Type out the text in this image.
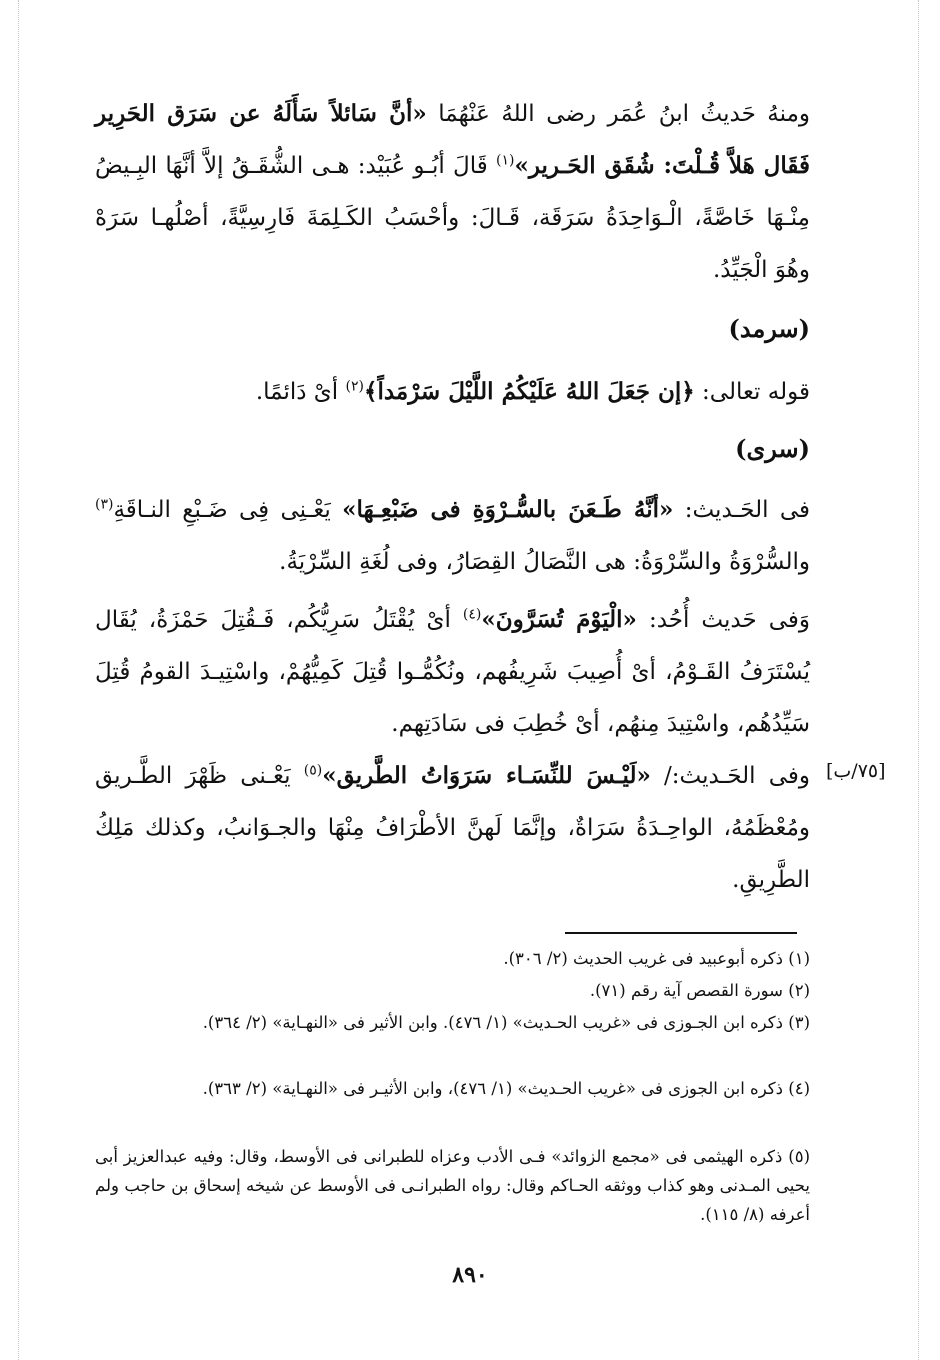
ومنهُ حَديثُ ابنُ عُمَر رضى اللهُ عَنْهُمَا «أنَّ سَائلاً سَأَلَهُ عن سَرَق الحَرِير فَقَال هَلاَّ قُـلْتَ: شُقَق الحَـرير»$^{(١)}$ قَالَ أبُـو عُبَيْد: هـى الشُّقَـقُ إلاَّ أنَّهَا البِـيضُ مِنْـهَا خَاصَّةً، الْـوَاحِدَةُ سَرَقَة، قَـالَ: وأحْسَبُ الكَـلِمَةَ فَارِسِيَّةً، أصْلُهـا سَرَهْ وهُوَ الْجَيِّدُ.

(سرمد)

قوله تعالى: ﴿إن جَعَلَ اللهُ عَلَيْكُمُ اللَّيْلَ سَرْمَداً﴾$^{(٢)}$ أىْ دَائمًا.

(سرى)

فى الحَـديث: «أنَّهُ طَـعَنَ بالسُّـرْوَةِ فى ضَبْعِـهَا» يَعْـنِى فِى ضَـبْعِ النـاقَةِ$^{(٣)}$ والسُّرْوَةُ والسِّرْوَةُ: هى النَّصَالُ القِصَارُ، وفى لُغَةِ السِّرْيَةُ.

وَفى حَديث أُحُد: «الْيَوْمَ تُسَرَّونَ»$^{(٤)}$ أىْ يُقْتَلُ سَرِيُّكُم، فَـقُتِلَ حَمْزَةُ، يُقَال يُسْتَرَفُ القَـوْمُ، أىْ أُصِيبَ شَرِيفُهم، ونُكُمُّـوا قُتِلَ كَمِيُّهُمْ، واسْتِيـدَ القومُ قُتِلَ سَيِّدُهُم، واسْتِيدَ مِنهُم، أىْ خُطِبَ فى سَادَتِهم.

وفى الحَـديث:/ «لَيْـسَ للنِّسَـاء سَرَوَاتُ الطَّريق»$^{(٥)}$ يَعْـنى ظَهْرَ الطَّـريق ومُعْظَمُهُ، الواحِـدَةُ سَرَاةٌ، وإنَّمَا لَهنَّ الأطْرَافُ مِنْهَا والجـوَانبُ، وكذلك مَلِكُ الطَّرِيقِ.

[٧٥/ب]

(١) ذكره أبوعبيد فى غريب الحديث (٢/ ٣٠٦).

(٢) سورة القصص آية رقم (٧١).

(٣) ذكره ابن الجـوزى فى «غريب الحـديث» (١/ ٤٧٦). وابن الأثير فى «النهـاية» (٢/ ٣٦٤).

(٤) ذكره ابن الجوزى فى «غريب الحـديث» (١/ ٤٧٦)، وابن الأثيـر فى «النهـاية» (٢/ ٣٦٣).

(٥) ذكره الهيثمى فى «مجمع الزوائد» فـى الأدب وعزاه للطبرانى فى الأوسط، وقال: وفيه عبدالعزيز أبى يحيى المـدنى وهو كذاب ووثقه الحـاكم وقال: رواه الطبرانـى فى الأوسط عن شيخه إسحاق بن حاجب ولم أعرفه (٨/ ١١٥).

٨٩٠
